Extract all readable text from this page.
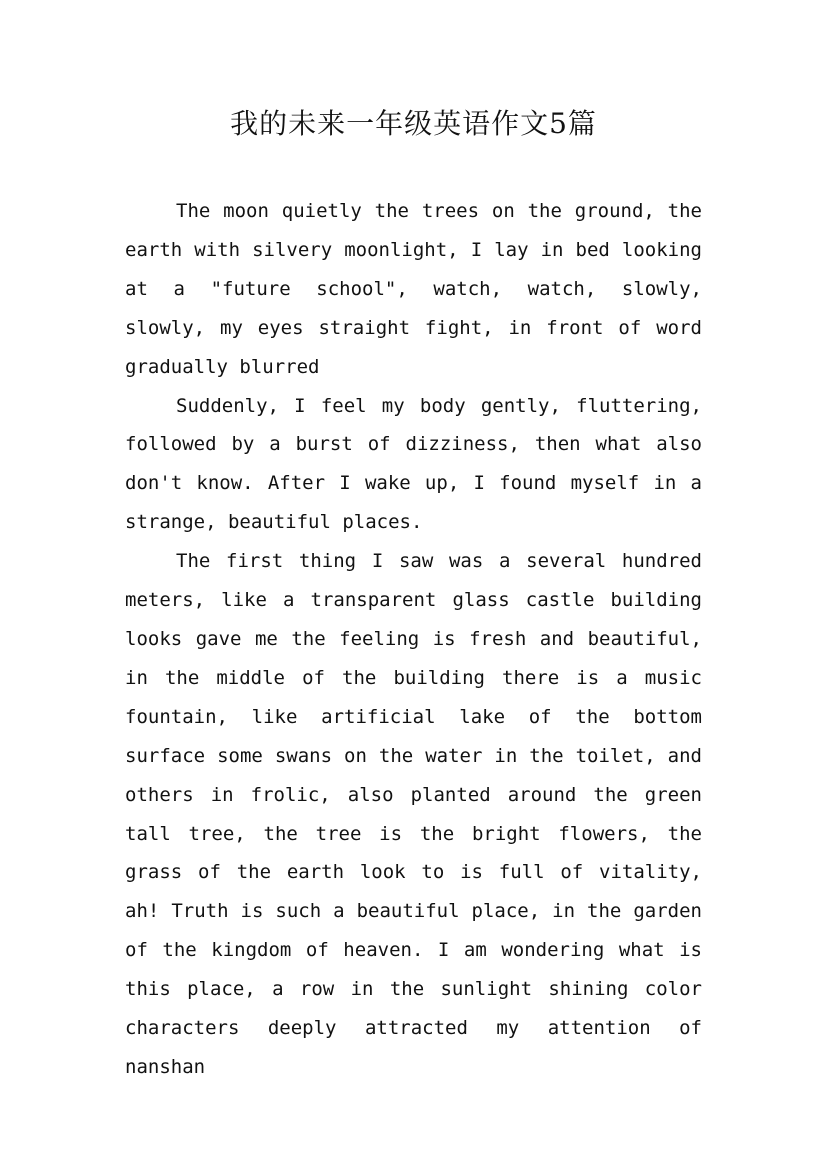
我的未来一年级英语作文5篇

The moon quietly the trees on the ground, the earth with silvery moonlight, I lay in bed looking at a "future school", watch, watch, slowly, slowly, my eyes straight fight, in front of word gradually blurred

Suddenly, I feel my body gently, fluttering, followed by a burst of dizziness, then what also don't know. After I wake up, I found myself in a strange, beautiful places.

The first thing I saw was a several hundred meters, like a transparent glass castle building looks gave me the feeling is fresh and beautiful, in the middle of the building there is a music fountain, like artificial lake of the bottom surface some swans on the water in the toilet, and others in frolic, also planted around the green tall tree, the tree is the bright flowers, the grass of the earth look to is full of vitality, ah! Truth is such a beautiful place, in the garden of the kingdom of heaven. I am wondering what is this place, a row in the sunlight shining color characters deeply attracted my attention of nanshan
